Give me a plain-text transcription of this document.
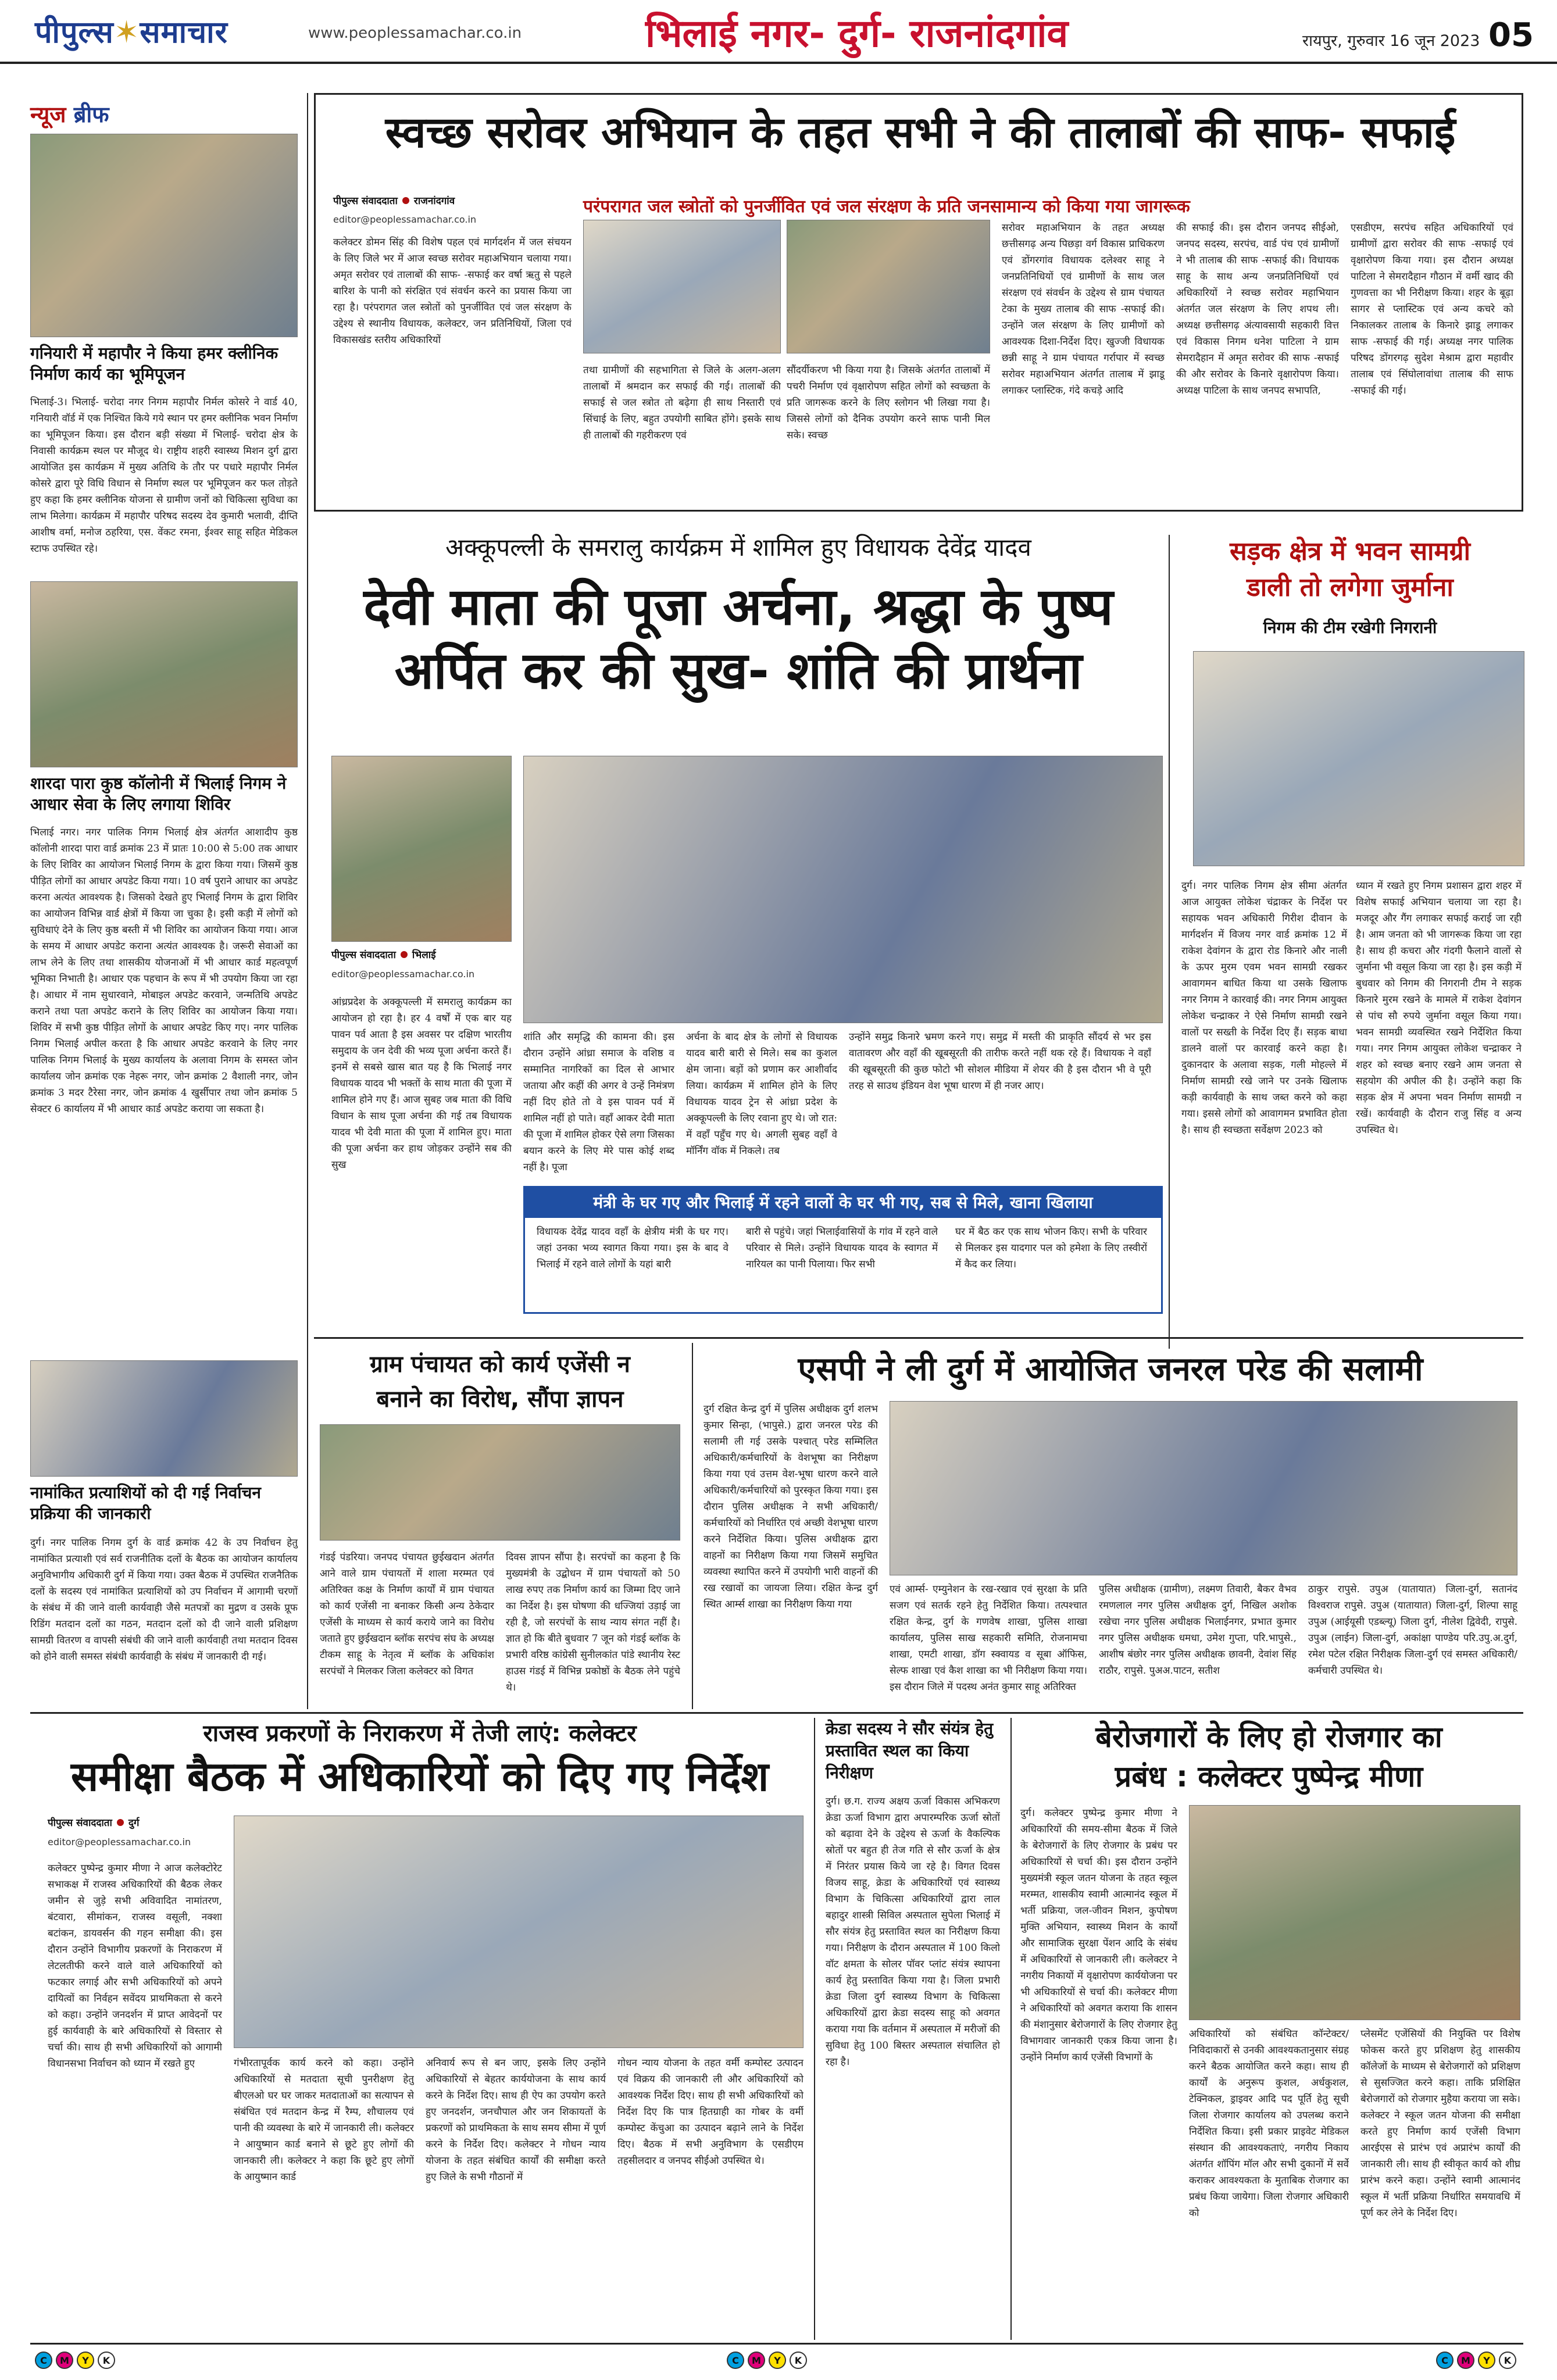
पीपुल्स✶समाचार	www.peoplessamachar.co.in	भिलाई नगर- दुर्ग- राजनांदगांव	रायपुर, गुरुवार 16 जून 2023 05
न्यूज ब्रीफ
गनियारी में महापौर ने किया हमर क्लीनिक निर्माण कार्य का भूमिपूजन
भिलाई-3। भिलाई- चरोदा नगर निगम महापौर निर्मल कोसरे ने वार्ड 40, गनियारी वॉर्ड में एक निश्चित किये गये स्थान पर हमर क्लीनिक भवन निर्माण का भूमिपूजन किया। इस दौरान बड़ी संख्या में भिलाई- चरोदा क्षेत्र के निवासी कार्यक्रम स्थल पर मौजूद थे। राष्ट्रीय शहरी स्वास्थ्य मिशन दुर्ग द्वारा आयोजित इस कार्यक्रम में मुख्य अतिथि के तौर पर पधारे महापौर निर्मल कोसरे द्वारा पूरे विधि विधान से निर्माण स्थल पर भूमिपूजन कर फल तोड़ते हुए कहा कि हमर क्लीनिक योजना से ग्रामीण जनों को चिकित्सा सुविधा का लाभ मिलेगा। कार्यक्रम में महापौर परिषद सदस्य देव कुमारी भलावी, दीप्ति आशीष वर्मा, मनोज ठहरिया, एस. वेंकट रमना, ईश्वर साहू सहित मेडिकल स्टाफ उपस्थित रहे।
शारदा पारा कुष्ठ कॉलोनी में भिलाई निगम ने आधार सेवा के लिए लगाया शिविर
भिलाई नगर। नगर पालिक निगम भिलाई क्षेत्र अंतर्गत आशादीप कुष्ठ कॉलोनी शारदा पारा वार्ड क्रमांक 23 में प्रातः 10:00 से 5:00 तक आधार के लिए शिविर का आयोजन भिलाई निगम के द्वारा किया गया। जिसमें कुष्ठ पीड़ित लोगों का आधार अपडेट किया गया। 10 वर्ष पुराने आधार का अपडेट करना अत्यंत आवश्यक है। जिसको देखते हुए भिलाई निगम के द्वारा शिविर का आयोजन विभिन्न वार्ड क्षेत्रों में किया जा चुका है। इसी कड़ी में लोगों को सुविधाएं देने के लिए कुष्ठ बस्ती में भी शिविर का आयोजन किया गया। आज के समय में आधार अपडेट कराना अत्यंत आवश्यक है। जरूरी सेवाओं का लाभ लेने के लिए तथा शासकीय योजनाओं में भी आधार कार्ड महत्वपूर्ण भूमिका निभाती है। आधार एक पहचान के रूप में भी उपयोग किया जा रहा है। आधार में नाम सुधारवाने, मोबाइल अपडेट करवाने, जन्मतिथि अपडेट कराने तथा पता अपडेट कराने के लिए शिविर का आयोजन किया गया। शिविर में सभी कुष्ठ पीड़ित लोगों के आधार अपडेट किए गए। नगर पालिक निगम भिलाई अपील करता है कि आधार अपडेट करवाने के लिए नगर पालिक निगम भिलाई के मुख्य कार्यालय के अलावा निगम के समस्त जोन कार्यालय जोन क्रमांक एक नेहरू नगर, जोन क्रमांक 2 वैशाली नगर, जोन क्रमांक 3 मदर टैरेसा नगर, जोन क्रमांक 4 खुर्सीपार तथा जोन क्रमांक 5 सेक्टर 6 कार्यालय में भी आधार कार्ड अपडेट कराया जा सकता है।
नामांकित प्रत्याशियों को दी गई निर्वाचन प्रक्रिया की जानकारी
दुर्ग। नगर पालिक निगम दुर्ग के वार्ड क्रमांक 42 के उप निर्वाचन हेतु नामांकित प्रत्याशी एवं सर्व राजनीतिक दलों के बैठक का आयोजन कार्यालय अनुविभागीय अधिकारी दुर्ग में किया गया। उक्त बैठक में उपस्थित राजनैतिक दलों के सदस्य एवं नामांकित प्रत्याशियों को उप निर्वाचन में आगामी चरणों के संबंध में की जाने वाली कार्यवाही जैसे मतपत्रों का मुद्रण व उसके प्रूफ रिडिंग मतदान दलों का गठन, मतदान दलों को दी जाने वाली प्रशिक्षण सामग्री वितरण व वापसी संबंधी की जाने वाली कार्यवाही तथा मतदान दिवस को होने वाली समस्त संबंधी कार्यवाही के संबंध में जानकारी दी गई।
स्वच्छ सरोवर अभियान के तहत सभी ने की तालाबों की साफ- सफाई
पीपुल्स संवाददाता राजनांदगांव
editor@peoplessamachar.co.in
परंपरागत जल स्त्रोतों को पुनर्जीवित एवं जल संरक्षण के प्रति जनसामान्य को किया गया जागरूक
कलेक्टर डोमन सिंह की विशेष पहल एवं मार्गदर्शन में जल संचयन के लिए जिले भर में आज स्वच्छ सरोवर महाअभियान चलाया गया। अमृत सरोवर एवं तालाबों की साफ- -सफाई कर वर्षा ऋतु से पहले बारिश के पानी को संरक्षित एवं संवर्धन करने का प्रयास किया जा रहा है। परंपरागत जल स्त्रोतों को पुनर्जीवित एवं जल संरक्षण के उद्देश्य से स्थानीय विधायक, कलेक्टर, जन प्रतिनिधियों, जिला एवं विकासखंड स्तरीय अधिकारियों
तथा ग्रामीणों की सहभागिता से जिले के अलग-अलग तालाबों में श्रमदान कर सफाई की गई। तालाबों की सफाई से जल स्त्रोत तो बढ़ेगा ही साथ निस्तारी एवं सिंचाई के लिए, बहुत उपयोगी साबित होंगे। इसके साथ ही तालाबों की गहरीकरण एवं
सौंदर्यीकरण भी किया गया है। जिसके अंतर्गत तालाबों में पचरी निर्माण एवं वृक्षारोपण सहित लोगों को स्वच्छता के प्रति जागरूक करने के लिए स्लोगन भी लिखा गया है। जिससे लोगों को दैनिक उपयोग करने साफ पानी मिल सके। स्वच्छ
सरोवर महाअभियान के तहत अध्यक्ष छत्तीसगढ़ अन्य पिछड़ा वर्ग विकास प्राधिकरण एवं डोंगरगांव विधायक दलेश्वर साहू ने जनप्रतिनिधियों एवं ग्रामीणों के साथ जल संरक्षण एवं संवर्धन के उद्देश्य से ग्राम पंचायत टेका के मुख्य तालाब की साफ -सफाई की। उन्होंने जल संरक्षण के लिए ग्रामीणों को आवश्यक दिशा-निर्देश दिए। खुज्जी विधायक छन्नी साहू ने ग्राम पंचायत गर्रापार में स्वच्छ सरोवर महाअभियान अंतर्गत तालाब में झाडू लगाकर प्लास्टिक, गंदे कचड़े आदि
की सफाई की। इस दौरान जनपद सीईओ, जनपद सदस्य, सरपंच, वार्ड पंच एवं ग्रामीणों ने भी तालाब की साफ -सफाई की। विधायक साहू के साथ अन्य जनप्रतिनिधियों एवं अधिकारियों ने स्वच्छ सरोवर महाभियान अंतर्गत जल संरक्षण के लिए शपथ ली। अध्यक्ष छत्तीसगढ़ अंत्यावसायी सहकारी वित्त एवं विकास निगम धनेश पाटिला ने ग्राम सेमरादैहान में अमृत सरोवर की साफ -सफाई की और सरोवर के किनारे वृक्षारोपण किया। अध्यक्ष पाटिला के साथ जनपद सभापति,
एसडीएम, सरपंच सहित अधिकारियों एवं ग्रामीणों द्वारा सरोवर की साफ -सफाई एवं वृक्षारोपण किया गया। इस दौरान अध्यक्ष पाटिला ने सेमरादैहान गौठान में वर्मी खाद की गुणवत्ता का भी निरीक्षण किया। शहर के बूढ़ा सागर से प्लास्टिक एवं अन्य कचरे को निकालकर तालाब के किनारे झाडू लगाकर साफ -सफाई की गई। अध्यक्ष नगर पालिक परिषद डोंगरगढ़ सुदेश मेश्राम द्वारा महावीर तालाब एवं सिंघोलावांधा तालाब की साफ -सफाई की गई।
अक्कूपल्ली के समरालु कार्यक्रम में शामिल हुए विधायक देवेंद्र यादव
देवी माता की पूजा अर्चना, श्रद्धा के पुष्प
अर्पित कर की सुख- शांति की प्रार्थना
पीपुल्स संवाददाता भिलाई
editor@peoplessamachar.co.in
आंध्रप्रदेश के अक्कूपल्ली में समरालु कार्यक्रम का आयोजन हो रहा है। हर 4 वर्षों में एक बार यह पावन पर्व आता है इस अवसर पर दक्षिण भारतीय समुदाय के जन देवी की भव्य पूजा अर्चना करते हैं। इनमें से सबसे खास बात यह है कि भिलाई नगर विधायक यादव भी भक्तों के साथ माता की पूजा में शामिल होने गए हैं। आज सुबह जब माता की विधि विधान के साथ पूजा अर्चना की गई तब विधायक यादव भी देवी माता की पूजा में शामिल हुए। माता की पूजा अर्चना कर हाथ जोड़कर उन्होंने सब की सुख
शांति और समृद्धि की कामना की। इस दौरान उन्होंने आंध्रा समाज के वशिष्ठ व सम्मानित नागरिकों का दिल से आभार जताया और कहीं की अगर वे उन्हें निमंत्रण नहीं दिए होते तो वे इस पावन पर्व में शामिल नहीं हो पाते। वहाँ आकर देवी माता की पूजा में शामिल होकर ऐसे लगा जिसका बयान करने के लिए मेरे पास कोई शब्द नहीं है। पूजा
अर्चना के बाद क्षेत्र के लोगों से विधायक यादव बारी बारी से मिले। सब का कुशल क्षेम जाना। बड़ों को प्रणाम कर आशीर्वाद लिया। कार्यक्रम में शामिल होने के लिए विधायक यादव ट्रेन से आंध्रा प्रदेश के अक्कूपल्ली के लिए रवाना हुए थे। जो रात: में वहाँ पहुँच गए थे। अगली सुबह वहाँ वे मॉर्निंग वॉक में निकले। तब
उन्होंने समुद्र किनारे भ्रमण करने गए। समुद्र में मस्ती की प्राकृति सौंदर्य से भर इस वातावरण और वहाँ की खूबसूरती की तारीफ करते नहीं थक रहे हैं। विधायक ने वहाँ की खूबसूरती की कुछ फोटो भी सोशल मीडिया में शेयर की है इस दौरान भी वे पूरी तरह से साउथ इंडियन वेश भूषा धारण में ही नजर आए।
मंत्री के घर गए और भिलाई में रहने वालों के घर भी गए, सब से मिले, खाना खिलाया
विधायक देवेंद्र यादव वहाँ के क्षेत्रीय मंत्री के घर गए। जहां उनका भव्य स्वागत किया गया। इस के बाद वे भिलाई में रहने वाले लोगों के यहां बारी
बारी से पहुंचे। जहां भिलाईवासियों के गांव में रहने वाले परिवार से मिले। उन्होंने विधायक यादव के स्वागत में नारियल का पानी पिलाया। फिर सभी
घर में बैठ कर एक साथ भोजन किए। सभी के परिवार से मिलकर इस यादगार पल को हमेशा के लिए तस्वीरों में कैद कर लिया।
सड़क क्षेत्र में भवन सामग्री
डाली तो लगेगा जुर्माना
निगम की टीम रखेगी निगरानी
दुर्ग। नगर पालिक निगम क्षेत्र सीमा अंतर्गत आज आयुक्त लोकेश चंद्राकर के निर्देश पर सहायक भवन अधिकारी गिरीश दीवान के मार्गदर्शन में विजय नगर वार्ड क्रमांक 12 में राकेश देवांगन के द्वारा रोड किनारे और नाली के ऊपर मुरम एवम भवन सामग्री रखकर आवागमन बाधित किया था उसके खिलाफ नगर निगम ने कारवाई की। नगर निगम आयुक्त लोकेश चन्द्राकर ने ऐसे निर्माण सामग्री रखने वालों पर सख्ती के निर्देश दिए हैं। सड़क बाधा डालने वालों पर कारवाई करने कहा है। दुकानदार के अलावा सड़क, गली मोहल्ले में निर्माण सामग्री रखे जाने पर उनके खिलाफ कड़ी कार्यवाही के साथ जब्त करने को कहा गया। इससे लोगों को आवागमन प्रभावित होता है। साथ ही स्वच्छता सर्वेक्षण 2023 को
ध्यान में रखते हुए निगम प्रशासन द्वारा शहर में विशेष सफाई अभियान चलाया जा रहा है। मजदूर और गैंग लगाकर सफाई कराई जा रही है। आम जनता को भी जागरूक किया जा रहा है। साथ ही कचरा और गंदगी फैलाने वालों से जुर्माना भी वसूल किया जा रहा है। इस कड़ी में बुधवार को निगम की निगरानी टीम ने सड़क किनारे मुरम रखने के मामले में राकेश देवांगन से पांच सौ रुपये जुर्माना वसूल किया गया। भवन सामग्री व्यवस्थित रखने निर्देशित किया गया। नगर निगम आयुक्त लोकेश चन्द्राकर ने शहर को स्वच्छ बनाए रखने आम जनता से सहयोग की अपील की है। उन्होंने कहा कि सड़क क्षेत्र में अपना भवन निर्माण सामग्री न रखें। कार्यवाही के दौरान राजु सिंह व अन्य उपस्थित थे।
ग्राम पंचायत को कार्य एजेंसी न
बनाने का विरोध, सौंपा ज्ञापन
गंडई पंडरिया। जनपद पंचायत छुईखदान अंतर्गत आने वाले ग्राम पंचायतों में शाला मरम्मत एवं अतिरिक्त कक्ष के निर्माण कार्यों में ग्राम पंचायत को कार्य एजेंसी ना बनाकर किसी अन्य ठेकेदार एजेंसी के माध्यम से कार्य कराये जाने का विरोध जताते हुए छुईखदान ब्लॉक सरपंच संघ के अध्यक्ष टीकम साहू के नेतृत्व में ब्लॉक के अधिकांश सरपंचों ने मिलकर जिला कलेक्टर को विगत
दिवस ज्ञापन सौंपा है। सरपंचों का कहना है कि मुख्यमंत्री के उद्बोधन में ग्राम पंचायतों को 50 लाख रुपए तक निर्माण कार्य का जिम्मा दिए जाने का निर्देश है। इस घोषणा की धज्जियां उड़ाई जा रही है, जो सरपंचों के साथ न्याय संगत नहीं है। ज्ञात हो कि बीते बुधवार 7 जून को गंडई ब्लॉक के प्रभारी वरिष्ठ कांग्रेसी सुनीलकांत पांडे स्थानीय रेस्ट हाउस गंडई में विभिन्न प्रकोष्ठों के बैठक लेने पहुंचे थे।
एसपी ने ली दुर्ग में आयोजित जनरल परेड की सलामी
दुर्ग रक्षित केन्द्र दुर्ग में पुलिस अधीक्षक दुर्ग शलभ कुमार सिन्हा, (भापुसे.) द्वारा जनरल परेड की सलामी ली गई उसके पश्चात् परेड सम्मिलित अधिकारी/कर्मचारियों के वेशभूषा का निरीक्षण किया गया एवं उत्तम वेश-भूषा धारण करने वाले अधिकारी/कर्मचारियों को पुरस्कृत किया गया। इस दौरान पुलिस अधीक्षक ने सभी अधिकारी/कर्मचारियों को निर्धारित एवं अच्छी वेशभूषा धारण करने निर्देशित किया। पुलिस अधीक्षक द्वारा वाहनों का निरीक्षण किया गया जिसमें समुचित व्यवस्था स्थापित करने में उपयोगी भारी वाहनों की रख रखावों का जायजा लिया। रक्षित केन्द्र दुर्ग स्थित आर्म्स शाखा का निरीक्षण किया गया
एवं आर्म्स- एम्युनेशन के रख-रखाव एवं सुरक्षा के प्रति सजग एवं सतर्क रहने हेतु निर्देशित किया। तत्पश्चात रक्षित केन्द्र, दुर्ग के गणवेष शाखा, पुलिस शाखा कार्यालय, पुलिस साख सहकारी समिति, रोजनामचा शाखा, एमटी शाखा, डॉग स्क्वायड व सूबा ऑफिस, सेल्फ शाखा एवं कैश शाखा का भी निरीक्षण किया गया। इस दौरान जिले में पदस्थ अनंत कुमार साहू अतिरिक्त
पुलिस अधीक्षक (ग्रामीण), लक्ष्मण तिवारी, बैकर वैभव रमणलाल नगर पुलिस अधीक्षक दुर्ग, निखिल अशोक रखेचा नगर पुलिस अधीक्षक भिलाईनगर, प्रभात कुमार नगर पुलिस अधीक्षक धमधा, उमेश गुप्ता, परि.भापुसे., आशीष बंछोर नगर पुलिस अधीक्षक छावनी, देवांश सिंह राठौर, रापुसे. पुअअ.पाटन, सतीश
ठाकुर रापुसे. उपुअ (यातायात) जिला-दुर्ग, सतानंद विश्वराज रापुसे. उपुअ (यातायात) जिला-दुर्ग, शिल्पा साहू उपुअ (आईयूसी एडब्ल्यू) जिला दुर्ग, नीलेश द्विवेदी, रापुसे. उपुअ (लाईन) जिला-दुर्ग, अकांक्षा पाण्डेय परि.उपु.अ.दुर्ग, रमेश पटेल रक्षित निरीक्षक जिला-दुर्ग एवं समस्त अधिकारी/कर्मचारी उपस्थित थे।
राजस्व प्रकरणों के निराकरण में तेजी लाएं: कलेक्टर
समीक्षा बैठक में अधिकारियों को दिए गए निर्देश
पीपुल्स संवाददाता दुर्ग
editor@peoplessamachar.co.in
कलेक्टर पुष्पेन्द्र कुमार मीणा ने आज कलेक्टोरेट सभाकक्ष में राजस्व अधिकारियों की बैठक लेकर जमीन से जुड़े सभी अविवादित नामांतरण, बंटवारा, सीमांकन, राजस्व वसूली, नक्शा बटांकन, डायवर्सन की गहन समीक्षा की। इस दौरान उन्होंने विभागीय प्रकरणों के निराकरण में लेटलतीफी करने वाले वाले अधिकारियों को फटकार लगाई और सभी अधिकारियों को अपने दायित्वों का निर्वहन सवेंदय प्राथमिकता से करने को कहा। उन्होंने जनदर्शन में प्राप्त आवेदनों पर हुई कार्यवाही के बारे अधिकारियों से विस्तार से चर्चा की। साथ ही सभी अधिकारियों को आगामी विधानसभा निर्वाचन को ध्यान में रखते हुए	गंभीरतापूर्वक कार्य करने को कहा। उन्होंने अधिकारियों से मतदाता सूची पुनरीक्षण हेतु बीएलओ घर घर जाकर मतदाताओं का सत्यापन से संबंधित एवं मतदान केन्द्र में रैम्प, शौचालय एवं पानी की व्यवस्था के बारे में जानकारी ली। कलेक्टर ने आयुष्मान कार्ड बनाने से छूटे हुए लोगों की जानकारी ली। कलेक्टर ने कहा कि छूटे हुए लोगों के आयुष्मान कार्ड
अनिवार्य रूप से बन जाए, इसके लिए उन्होंने अधिकारियों से बेहतर कार्ययोजना के साथ कार्य करने के निर्देश दिए। साथ ही ऐप का उपयोग करते हुए जनदर्शन, जनचौपाल और जन शिकायतों के प्रकरणों को प्राथमिकता के साथ समय सीमा में पूर्ण करने के निर्देश दिए। कलेक्टर ने गोधन न्याय योजना के तहत संबंधित कार्यों की समीक्षा करते हुए जिले के सभी गौठानों में
गोधन न्याय योजना के तहत वर्मी कम्पोस्ट उत्पादन एवं विक्रय की जानकारी ली और अधिकारियों को आवश्यक निर्देश दिए। साथ ही सभी अधिकारियों को निर्देश दिए कि पात्र हितग्राही का गोबर के वर्मी कम्पोस्ट केंचुआ का उत्पादन बढ़ाने लाने के निर्देश दिए। बैठक में सभी अनुविभाग के एसडीएम तहसीलदार व जनपद सीईओ उपस्थित थे।
क्रेडा सदस्य ने सौर संयंत्र हेतु प्रस्तावित स्थल का किया निरीक्षण
दुर्ग। छ.ग. राज्य अक्षय ऊर्जा विकास अभिकरण क्रेडा ऊर्जा विभाग द्वारा अपारम्परिक ऊर्जा स्रोतों को बढ़ावा देने के उद्देश्य से ऊर्जा के वैकल्पिक स्रोतों पर बहुत ही तेज गति से सौर ऊर्जा के क्षेत्र में निरंतर प्रयास किये जा रहे है। विगत दिवस विजय साहू, क्रेडा के अधिकारियों एवं स्वास्थ्य विभाग के चिकित्सा अधिकारियों द्वारा लाल बहादुर शास्त्री सिविल अस्पताल सुपेला भिलाई में सौर संयंत्र हेतु प्रस्तावित स्थल का निरीक्षण किया गया। निरीक्षण के दौरान अस्पताल में 100 किलो वॉट क्षमता के सोलर पॉवर प्लांट संयंत्र स्थापना कार्य हेतु प्रस्तावित किया गया है। जिला प्रभारी क्रेडा जिला दुर्ग स्वास्थ्य विभाग के चिकित्सा अधिकारियों द्वारा क्रेडा सदस्य साहू को अवगत कराया गया कि वर्तमान में अस्पताल में मरीजों की सुविधा हेतु 100 बिस्तर अस्पताल संचालित हो रहा है।
बेरोजगारों के लिए हो रोजगार का
प्रबंध : कलेक्टर पुष्पेन्द्र मीणा
दुर्ग। कलेक्टर पुष्पेन्द्र कुमार मीणा ने अधिकारियों की समय-सीमा बैठक में जिले के बेरोजगारों के लिए रोजगार के प्रबंध पर अधिकारियों से चर्चा की। इस दौरान उन्होंने मुख्यमंत्री स्कूल जतन योजना के तहत स्कूल मरम्मत, शासकीय स्वामी आत्मानंद स्कूल में भर्ती प्रक्रिया, जल-जीवन मिशन, कुपोषण मुक्ति अभियान, स्वास्थ्य मिशन के कार्यों और सामाजिक सुरक्षा पेंशन आदि के संबंध में अधिकारियों से जानकारी ली। कलेक्टर ने नगरीय निकायों में वृक्षारोपण कार्ययोजना पर भी अधिकारियों से चर्चा की। कलेक्टर मीणा ने अधिकारियों को अवगत कराया कि शासन की मंशानुसार बेरोजगारों के लिए रोजगार हेतु विभागवार जानकारी एकत्र किया जाना है। उन्होंने निर्माण कार्य एजेंसी विभागों के
अधिकारियों को संबंधित कॉन्टेक्टर/ निविदाकारों से उनकी आवश्यकतानुसार संग्रह करने बैठक आयोजित करने कहा। साथ ही कार्यों के अनुरूप कुशल, अर्धकुशल, टेक्निकल, ड्राइवर आदि पद पूर्ति हेतु सूची जिला रोजगार कार्यालय को उपलब्ध कराने निर्देशित किया। इसी प्रकार प्राइवेट मेडिकल संस्थान की आवश्यकताएं, नगरीय निकाय अंतर्गत शॉपिंग मॉल और सभी दुकानों में सर्वे कराकर आवश्यकता के मुताबिक रोजगार का प्रबंध किया जायेगा। जिला रोजगार अधिकारी को
प्लेसमेंट एजेंसियों की नियुक्ति पर विशेष फोकस करते हुए प्रशिक्षण हेतु शासकीय कॉलेजों के माध्यम से बेरोजगारों को प्रशिक्षण से सुसज्जित करने कहा। ताकि प्रशिक्षित बेरोजगारों को रोजगार मुहैया कराया जा सके। कलेक्टर ने स्कूल जतन योजना की समीक्षा करते हुए निर्माण कार्य एजेंसी विभाग आरईएस से प्रारंभ एवं अप्रारंभ कार्यों की जानकारी ली। साथ ही स्वीकृत कार्य को शीघ्र प्रारंभ करने कहा। उन्होंने स्वामी आत्मानंद स्कूल में भर्ती प्रक्रिया निर्धारित समयावधि में पूर्ण कर लेने के निर्देश दिए।
C	M	Y	K	C	M	Y	K	C	M	Y	K
